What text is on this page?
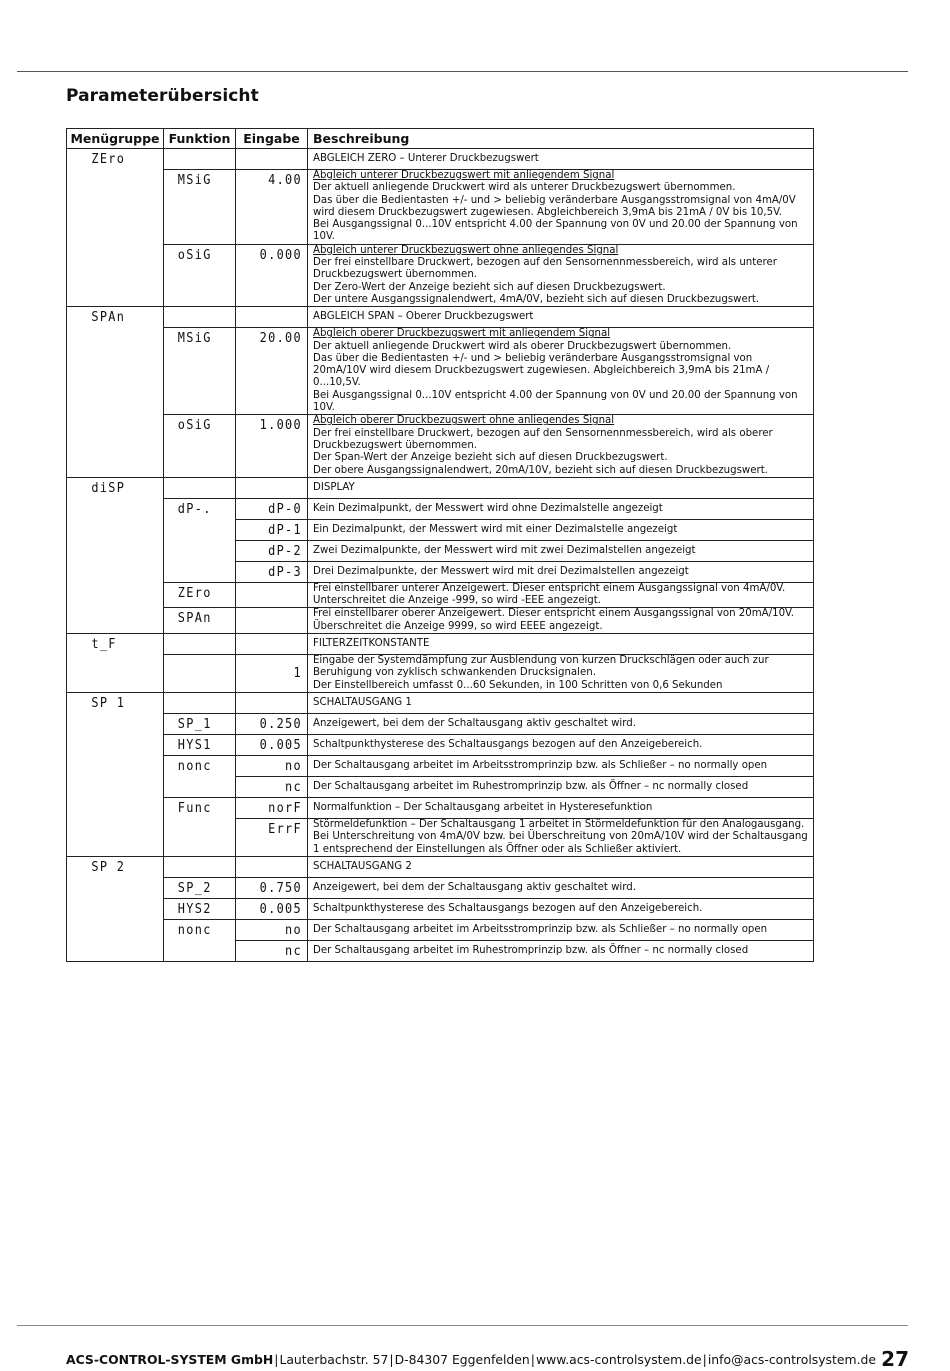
Parameterübersicht
Menügruppe	Funktion	Eingabe	Beschreibung

ZEro			ABGLEICH ZERO – Unterer Druckbezugswert

	MSiG	4.00	Abgleich unterer Druckbezugswert mit anliegendem Signal
Der aktuell anliegende Druckwert wird als unterer Druckbezugswert übernommen.
Das über die Bedientasten +/- und > beliebig veränderbare Ausgangsstromsignal von 4mA/0V wird diesem Druckbezugswert zugewiesen. Abgleichbereich 3,9mA bis 21mA / 0V bis 10,5V.
Bei Ausgangssignal 0...10V entspricht 4.00 der Spannung von 0V und 20.00 der Spannung von 10V.

	oSiG	0.000	Abgleich unterer Druckbezugswert ohne anliegendes Signal
Der frei einstellbare Druckwert, bezogen auf den Sensornennmessbereich, wird als unterer Druckbezugswert übernommen.
Der Zero-Wert der Anzeige bezieht sich auf diesen Druckbezugswert.
Der untere Ausgangssignalendwert, 4mA/0V, bezieht sich auf diesen Druckbezugswert.

SPAn			ABGLEICH SPAN – Oberer Druckbezugswert

	MSiG	20.00	Abgleich oberer Druckbezugswert mit anliegendem Signal
Der aktuell anliegende Druckwert wird als oberer Druckbezugswert übernommen.
Das über die Bedientasten +/- und > beliebig veränderbare Ausgangsstromsignal von 20mA/10V wird diesem Druckbezugswert zugewiesen. Abgleichbereich 3,9mA bis 21mA / 0...10,5V.
Bei Ausgangssignal 0...10V entspricht 4.00 der Spannung von 0V und 20.00 der Spannung von 10V.

	oSiG	1.000	Abgleich oberer Druckbezugswert ohne anliegendes Signal
Der frei einstellbare Druckwert, bezogen auf den Sensornennmessbereich, wird als oberer Druckbezugswert übernommen.
Der Span-Wert der Anzeige bezieht sich auf diesen Druckbezugswert.
Der obere Ausgangssignalendwert, 20mA/10V, bezieht sich auf diesen Druckbezugswert.

diSP			DISPLAY

	dP-.	dP-0	Kein Dezimalpunkt, der Messwert wird ohne Dezimalstelle angezeigt

		dP-1	Ein Dezimalpunkt, der Messwert wird mit einer Dezimalstelle angezeigt

		dP-2	Zwei Dezimalpunkte, der Messwert wird mit zwei Dezimalstellen angezeigt

		dP-3	Drei Dezimalpunkte, der Messwert wird mit drei Dezimalstellen angezeigt

	ZEro		Frei einstellbarer unterer Anzeigewert. Dieser entspricht einem Ausgangssignal von 4mA/0V.
Unterschreitet die Anzeige -999, so wird -EEE angezeigt.

	SPAn		Frei einstellbarer oberer Anzeigewert. Dieser entspricht einem Ausgangssignal von 20mA/10V.
Überschreitet die Anzeige 9999, so wird EEEE angezeigt.

t_F			FILTERZEITKONSTANTE

		1	Eingabe der Systemdämpfung zur Ausblendung von kurzen Druckschlägen oder auch zur Beruhigung von zyklisch schwankenden Drucksignalen.
Der Einstellbereich umfasst 0...60 Sekunden, in 100 Schritten von 0,6 Sekunden

SP 1			SCHALTAUSGANG 1

	SP_1	0.250	Anzeigewert, bei dem der Schaltausgang aktiv geschaltet wird.

	HYS1	0.005	Schaltpunkthysterese des Schaltausgangs bezogen auf den Anzeigebereich.

	nonc	no	Der Schaltausgang arbeitet im Arbeitsstromprinzip bzw. als Schließer – no normally open

		nc	Der Schaltausgang arbeitet im Ruhestromprinzip bzw. als Öffner – nc normally closed

	Func	norF	Normalfunktion – Der Schaltausgang arbeitet in Hysteresefunktion

		ErrF	Störmeldefunktion – Der Schaltausgang 1 arbeitet in Störmeldefunktion für den Analogausgang. Bei Unterschreitung von 4mA/0V bzw. bei Überschreitung von 20mA/10V wird der Schaltausgang 1 entsprechend der Einstellungen als Öffner oder als Schließer aktiviert.

SP 2			SCHALTAUSGANG 2

	SP_2	0.750	Anzeigewert, bei dem der Schaltausgang aktiv geschaltet wird.

	HYS2	0.005	Schaltpunkthysterese des Schaltausgangs bezogen auf den Anzeigebereich.

	nonc	no	Der Schaltausgang arbeitet im Arbeitsstromprinzip bzw. als Schließer – no normally open

		nc	Der Schaltausgang arbeitet im Ruhestromprinzip bzw. als Öffner – nc normally closed
ACS-CONTROL-SYSTEM GmbH|Lauterbachstr. 57|D-84307 Eggenfelden|www.acs-controlsystem.de|info@acs-controlsystem.de 27
